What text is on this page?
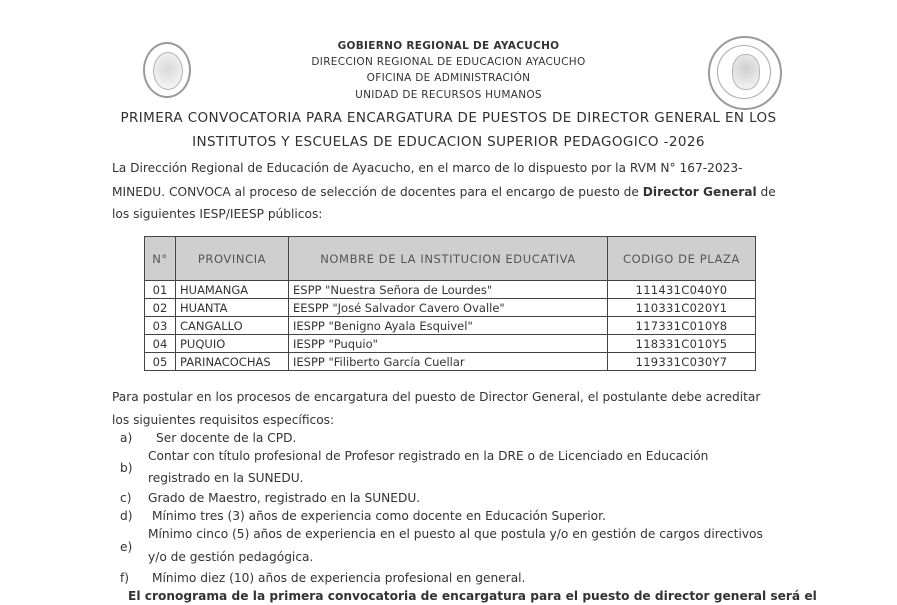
GOBIERNO REGIONAL DE AYACUCHO
DIRECCION REGIONAL DE EDUCACION AYACUCHO
OFICINA DE ADMINISTRACIÓN
UNIDAD DE RECURSOS HUMANOS
PRIMERA CONVOCATORIA PARA ENCARGATURA DE PUESTOS DE DIRECTOR GENERAL EN LOS
INSTITUTOS Y ESCUELAS DE EDUCACION SUPERIOR PEDAGOGICO -2026
La Dirección Regional de Educación de Ayacucho, en el marco de lo dispuesto por la RVM N° 167-2023-
MINEDU. CONVOCA al proceso de selección de docentes para el encargo de puesto de Director General de
los siguientes IESP/IEESP públicos:
N°	PROVINCIA	NOMBRE DE LA INSTITUCION EDUCATIVA	CODIGO DE PLAZA
01	HUAMANGA	ESPP "Nuestra Señora de Lourdes"	111431C040Y0
02	HUANTA	EESPP "José Salvador Cavero Ovalle"	110331C020Y1
03	CANGALLO	IESPP "Benigno Ayala Esquivel"	117331C010Y8
04	PUQUIO	IESPP "Puquio"	118331C010Y5
05	PARINACOCHAS	IESPP "Filiberto García Cuellar	119331C030Y7
Para postular en los procesos de encargatura del puesto de Director General, el postulante debe acreditar
los siguientes requisitos específicos:
a) Ser docente de la CPD.
b)
Contar con título profesional de Profesor registrado en la DRE o de Licenciado en Educación
registrado en la SUNEDU.
c) Grado de Maestro, registrado en la SUNEDU.
d) Mínimo tres (3) años de experiencia como docente en Educación Superior.
e)
Mínimo cinco (5) años de experiencia en el puesto al que postula y/o en gestión de cargos directivos
y/o de gestión pedagógica.
f) Mínimo diez (10) años de experiencia profesional en general.
El cronograma de la primera convocatoria de encargatura para el puesto de director general será el
